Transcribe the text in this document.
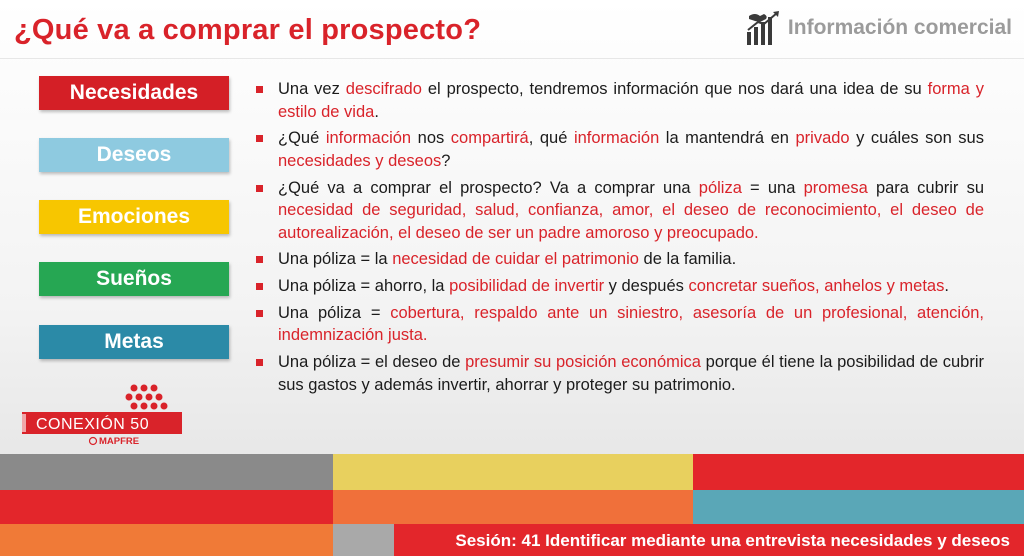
¿Qué va a comprar el prospecto?	Información comercial
Necesidades
Deseos
Emociones
Sueños
Metas
CONEXIÓN 50
MAPFRE
Una vez descifrado el prospecto, tendremos información que nos dará una idea de su forma y estilo de vida.
¿Qué información nos compartirá, qué información la mantendrá en privado y cuáles son sus necesidades y deseos?
¿Qué va a comprar el prospecto? Va a comprar una póliza = una promesa para cubrir su necesidad de seguridad, salud, confianza, amor, el deseo de reconocimiento, el deseo de autorealización, el deseo de ser un padre amoroso y preocupado.
Una póliza = la necesidad de cuidar el patrimonio de la familia.
Una póliza = ahorro, la posibilidad de invertir y después concretar sueños, anhelos y metas.
Una póliza = cobertura, respaldo ante un siniestro, asesoría de un profesional, atención, indemnización justa.
Una póliza = el deseo de presumir su posición económica porque él tiene la posibilidad de cubrir sus gastos y además invertir, ahorrar y proteger su patrimonio.
Sesión: 41 Identificar mediante una entrevista necesidades y deseos
